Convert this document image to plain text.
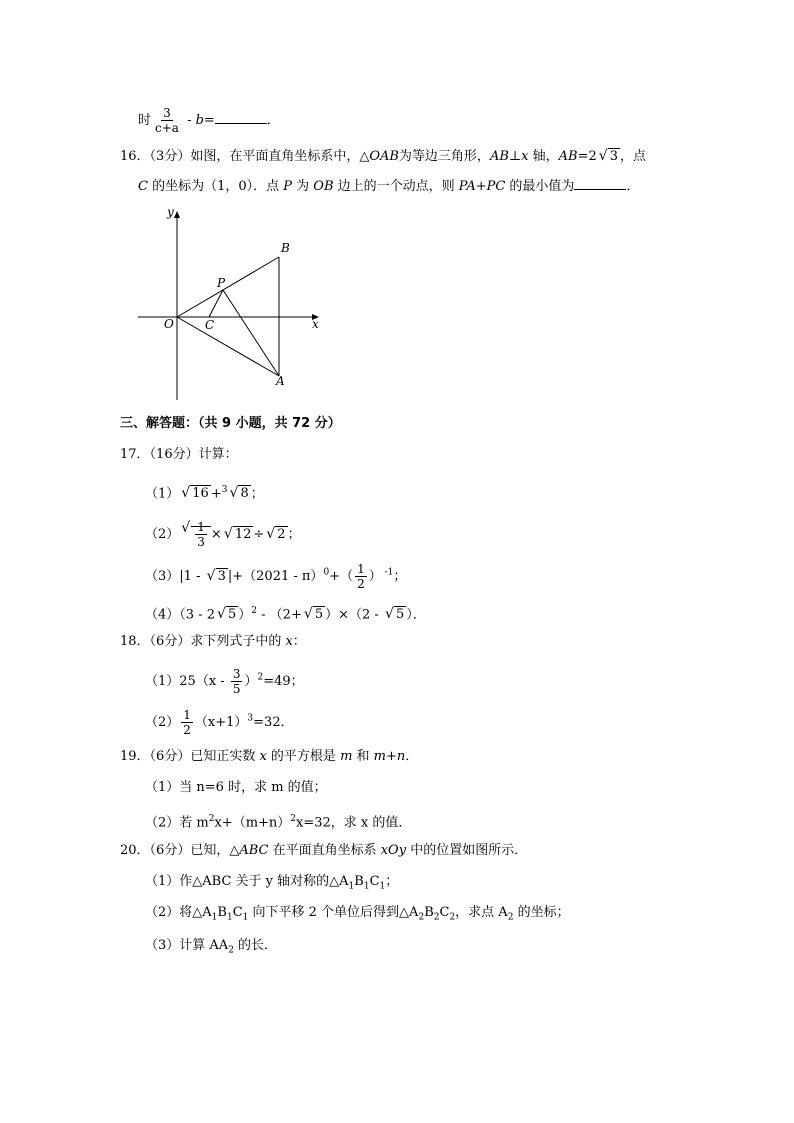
时 $\frac{3}{c+a} - b=$	．
16．（3分）如图，在平面直角坐标系中，△OAB为等边三角形，AB⊥x 轴，AB=2 √ 3 ，点
C 的坐标为（1，0）．点 P 为 OB 边上的一个动点，则 PA+PC 的最小值为	．
y
x
O	C
P
B
A
三、解答题：（共 9 小题，共 72 分）
17．（16分）计算：
（1） √ 16 +$^3$ √ 8 ；
（2） √ $\frac{1}{3}$ × √ 12 ÷ √ 2 ；
（3）|1 - √ 3 $|+(2021 - \pi)^0+( \frac{1}{2}$ ） $^{-1}$；
（4）（3 - 2 √ 5 ）$^2$ - （2+ √ 5 ）×（2 - √ 5 ）．
18．（6分）求下列式子中的 x：
$(1)25(x - \frac{3}{5} )^2=49$；
$(2) \frac{1}{2} (x+1)^3=32$．
19．（6分）已知正实数 x 的平方根是 m 和 m+n．
（1）当 n=6 时，求 m 的值；
（2）若 $m^2x+(m+n)^2x=32$，求 x 的值．
20．（6分）已知，△ABC 在平面直角坐标系 xOy 中的位置如图所示．
（1）作△ABC 关于 y 轴对称的$\triangle A_1B_1C_1$；
（2）将$\triangle A_1B_1C_1$ 向下平移 2 个单位后得到$\triangle A_2B_2C_2$，求点 $A_2$ 的坐标；
（3）计算 $AA_2$ 的长．
